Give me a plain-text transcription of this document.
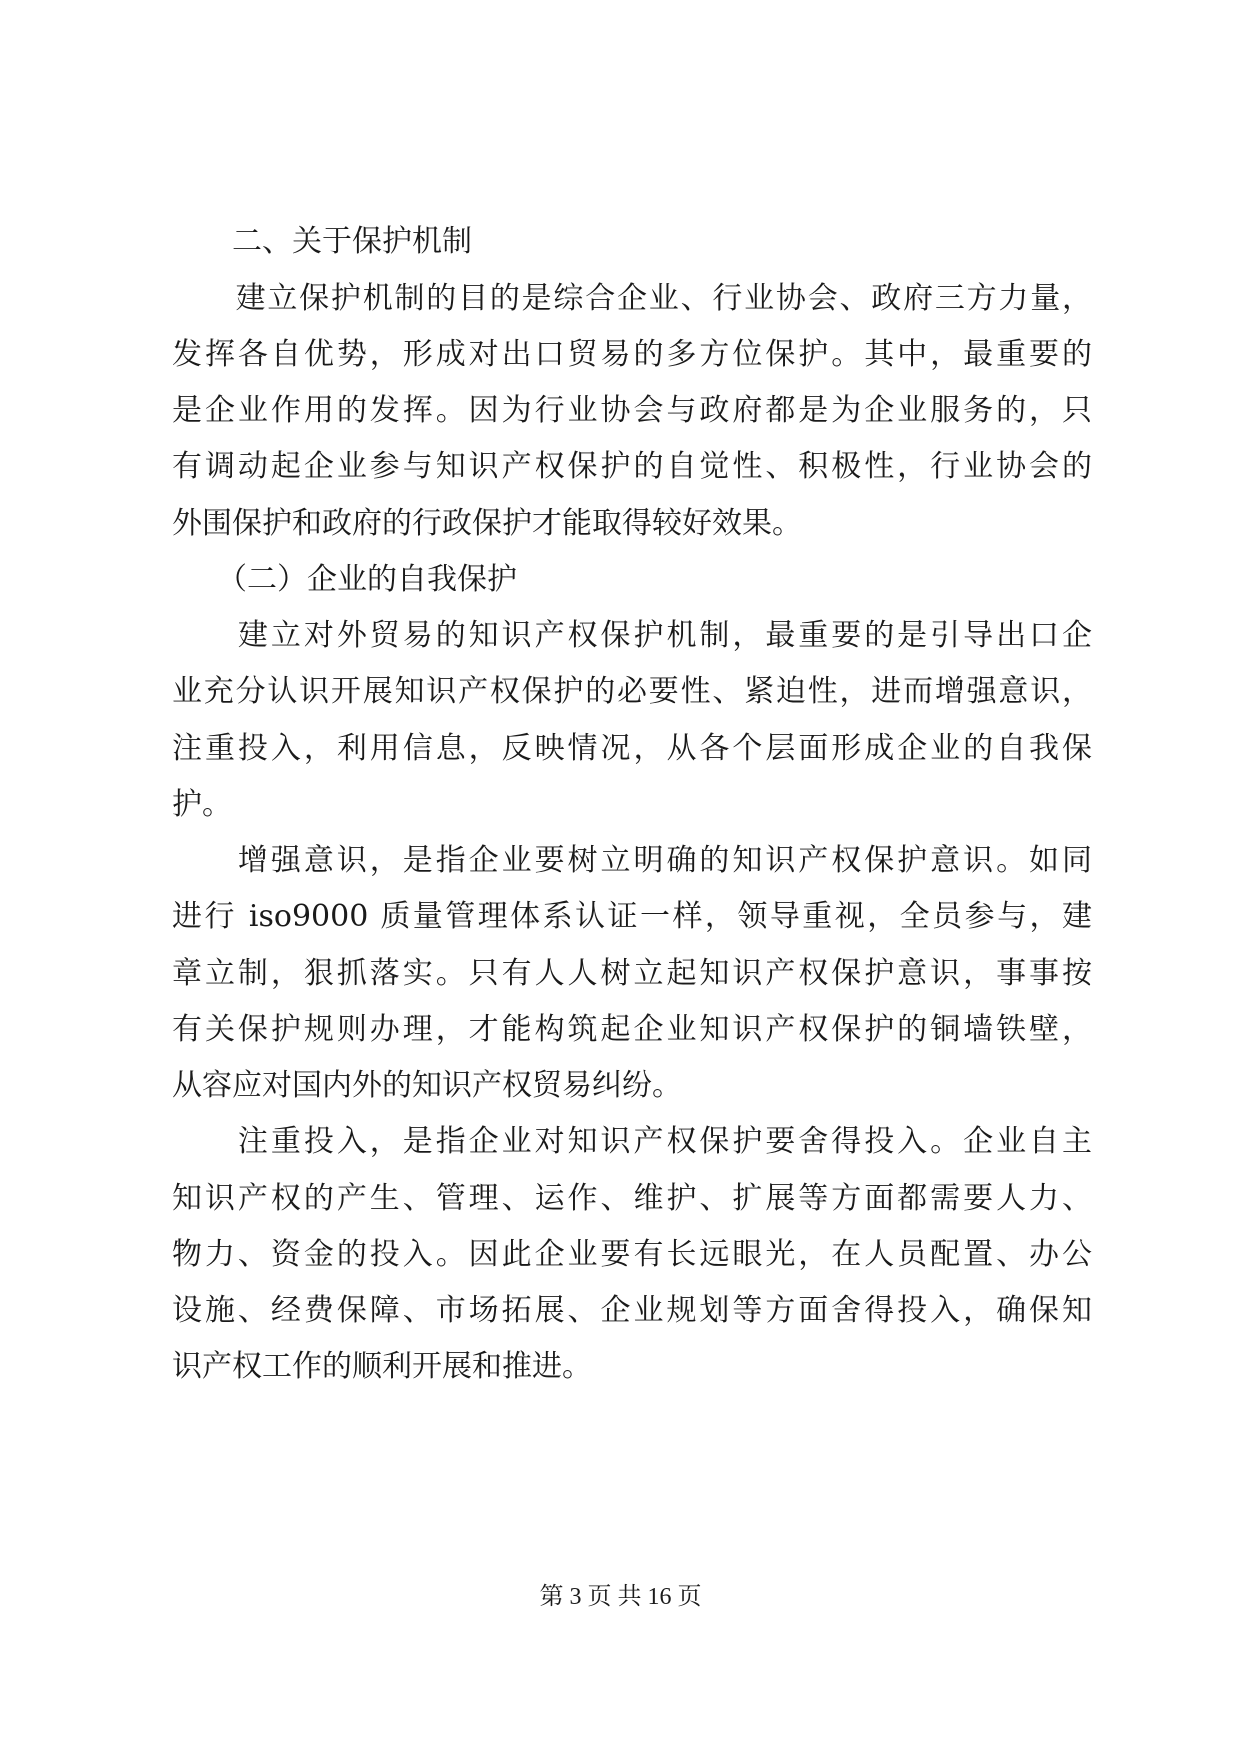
　　二、关于保护机制
　　建立保护机制的目的是综合企业、行业协会、政府三方力量，
发挥各自优势，形成对出口贸易的多方位保护。其中，最重要的
是企业作用的发挥。因为行业协会与政府都是为企业服务的，只
有调动起企业参与知识产权保护的自觉性、积极性，行业协会的
外围保护和政府的行政保护才能取得较好效果。
　　（二）企业的自我保护
　　建立对外贸易的知识产权保护机制，最重要的是引导出口企
业充分认识开展知识产权保护的必要性、紧迫性，进而增强意识，
注重投入，利用信息，反映情况，从各个层面形成企业的自我保
护。
　　增强意识，是指企业要树立明确的知识产权保护意识。如同
进行 iso9000 质量管理体系认证一样，领导重视，全员参与，建
章立制，狠抓落实。只有人人树立起知识产权保护意识，事事按
有关保护规则办理，才能构筑起企业知识产权保护的铜墙铁壁，
从容应对国内外的知识产权贸易纠纷。
　　注重投入，是指企业对知识产权保护要舍得投入。企业自主
知识产权的产生、管理、运作、维护、扩展等方面都需要人力、
物力、资金的投入。因此企业要有长远眼光，在人员配置、办公
设施、经费保障、市场拓展、企业规划等方面舍得投入，确保知
识产权工作的顺利开展和推进。
第 3 页 共 16 页
